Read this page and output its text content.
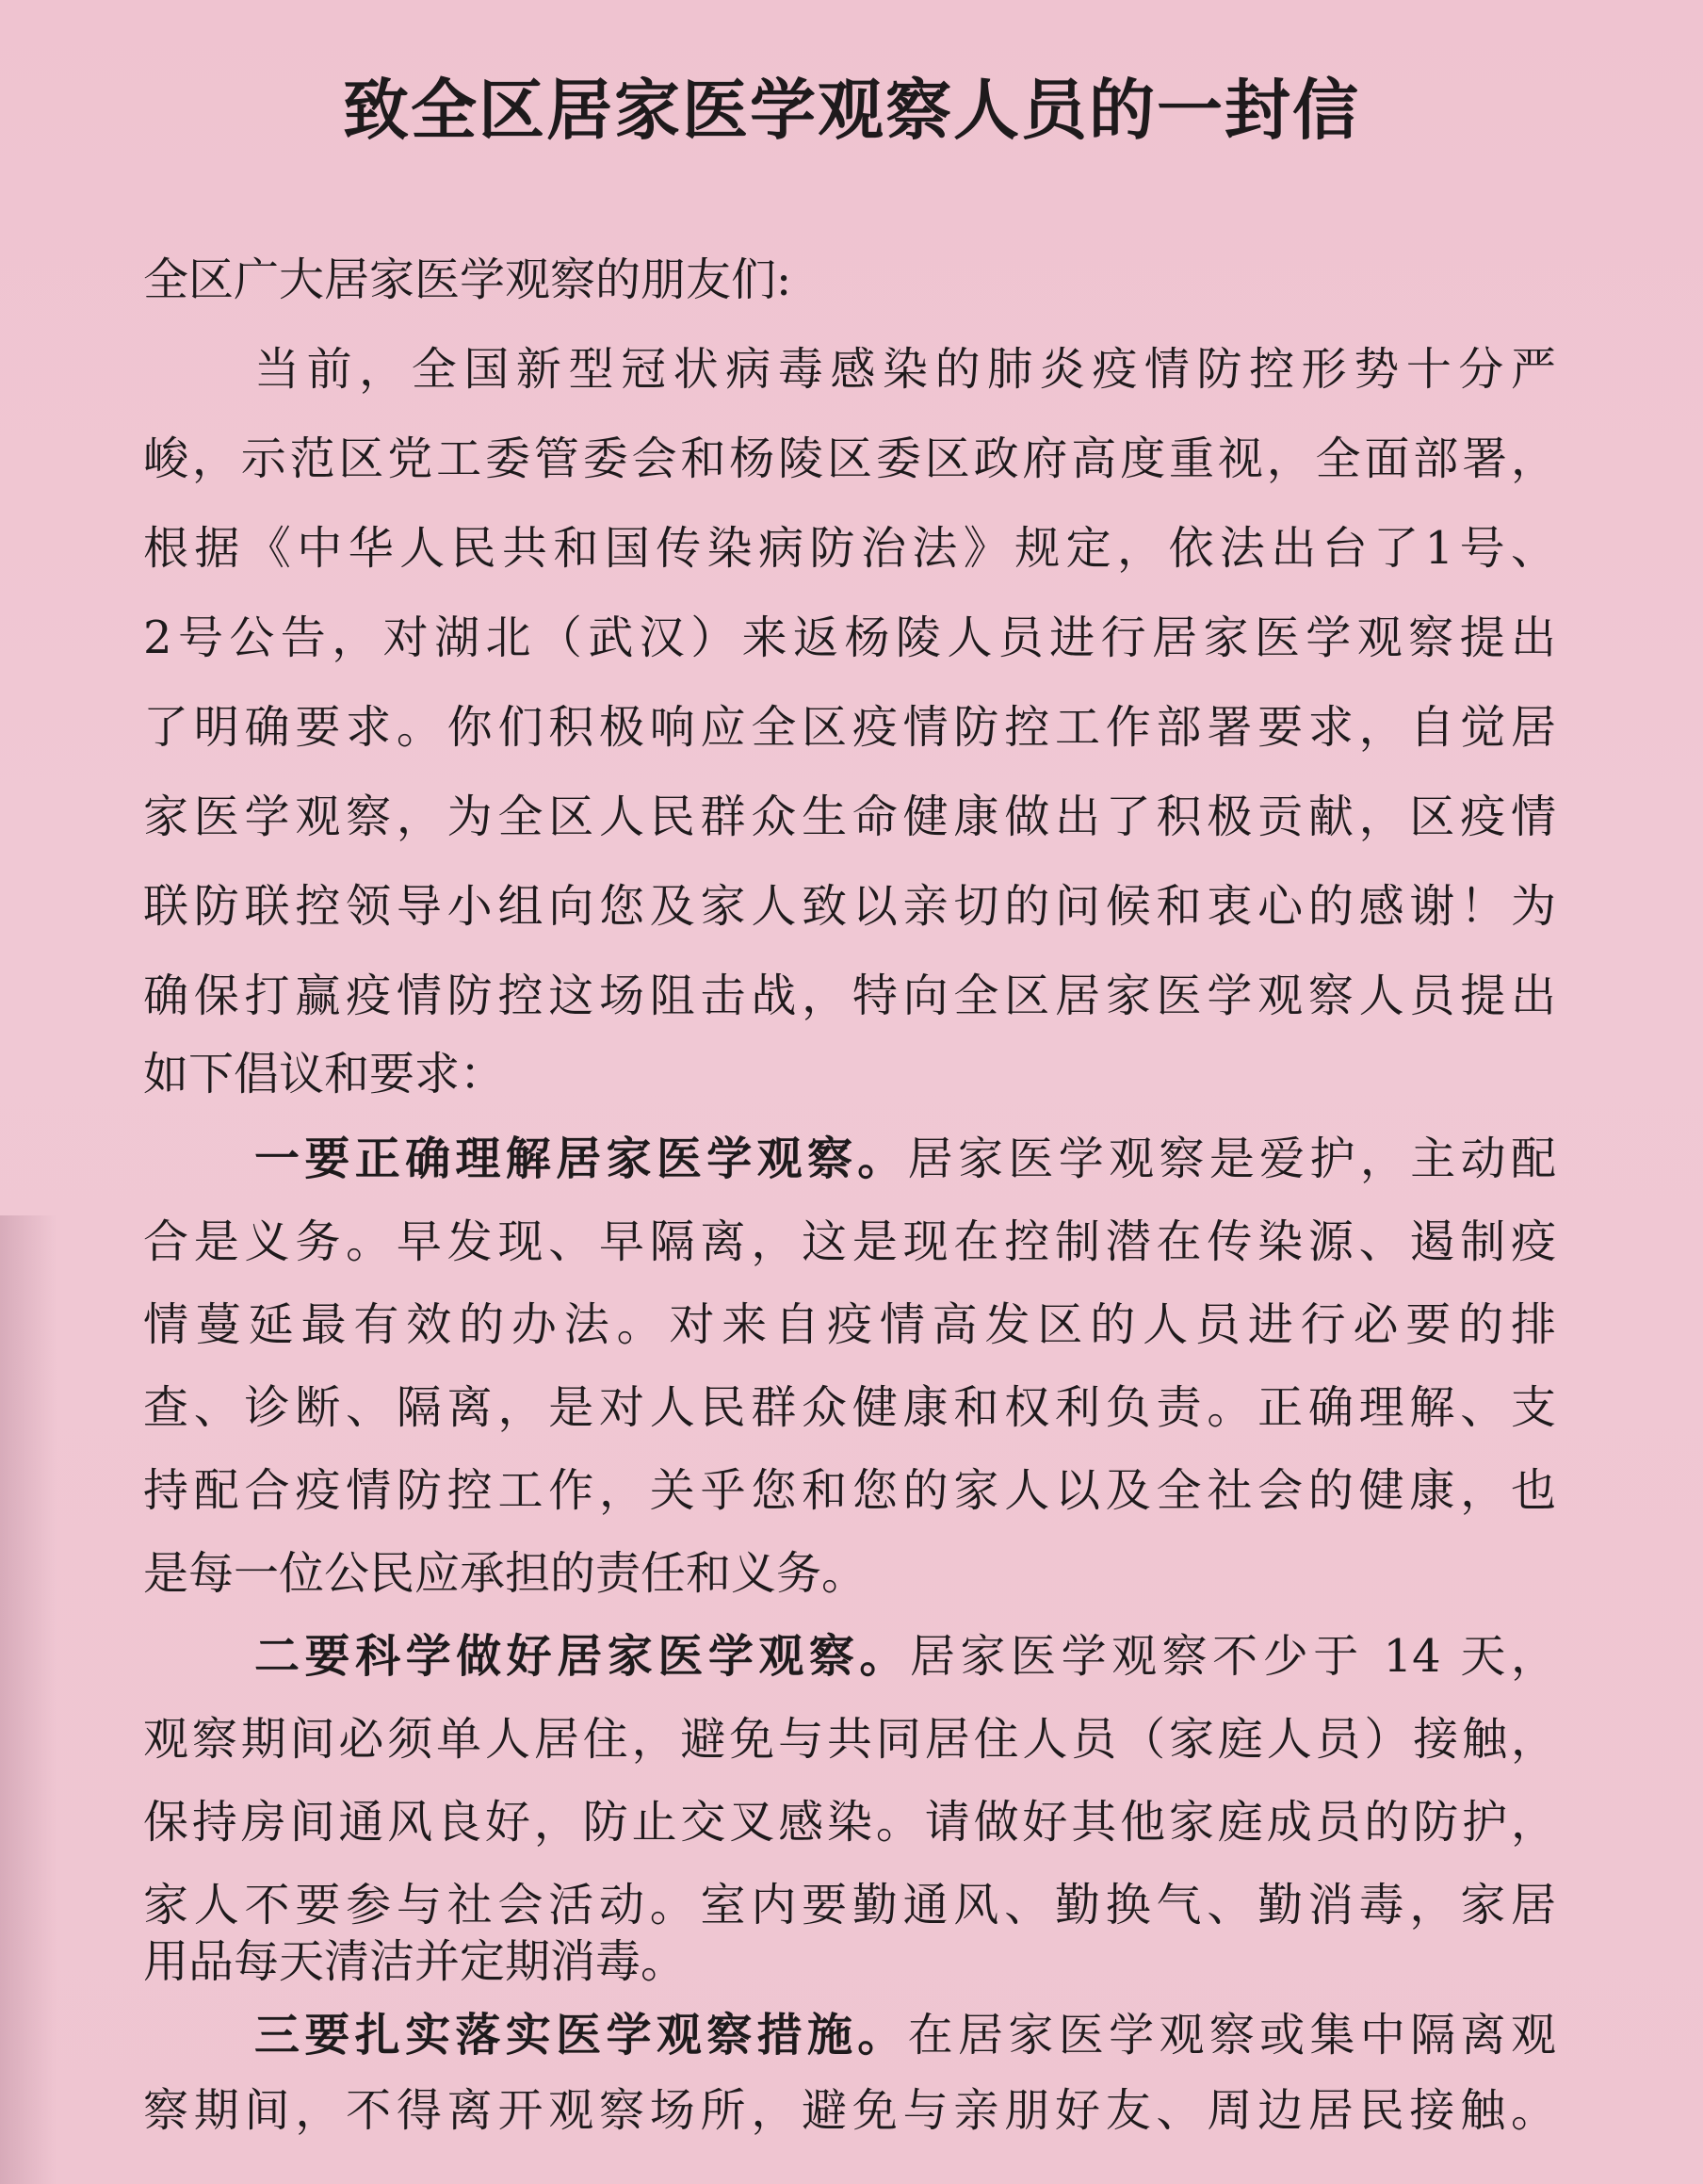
致全区居家医学观察人员的一封信
全区广大居家医学观察的朋友们:
当前，全国新型冠状病毒感染的肺炎疫情防控形势十分严
峻，示范区党工委管委会和杨陵区委区政府高度重视，全面部署，
根据《中华人民共和国传染病防治法》规定，依法出台了1号、
2号公告，对湖北（武汉）来返杨陵人员进行居家医学观察提出
了明确要求。你们积极响应全区疫情防控工作部署要求，自觉居
家医学观察，为全区人民群众生命健康做出了积极贡献，区疫情
联防联控领导小组向您及家人致以亲切的问候和衷心的感谢！为
确保打赢疫情防控这场阻击战，特向全区居家医学观察人员提出
如下倡议和要求：
一要正确理解居家医学观察。居家医学观察是爱护，主动配
合是义务。早发现、早隔离，这是现在控制潜在传染源、遏制疫
情蔓延最有效的办法。对来自疫情高发区的人员进行必要的排
查、诊断、隔离，是对人民群众健康和权利负责。正确理解、支
持配合疫情防控工作，关乎您和您的家人以及全社会的健康，也
是每一位公民应承担的责任和义务。
二要科学做好居家医学观察。居家医学观察不少于 14 天，
观察期间必须单人居住，避免与共同居住人员（家庭人员）接触，
保持房间通风良好，防止交叉感染。请做好其他家庭成员的防护，
家人不要参与社会活动。室内要勤通风、勤换气、勤消毒，家居
用品每天清洁并定期消毒。
三要扎实落实医学观察措施。在居家医学观察或集中隔离观
察期间，不得离开观察场所，避免与亲朋好友、周边居民接触。
